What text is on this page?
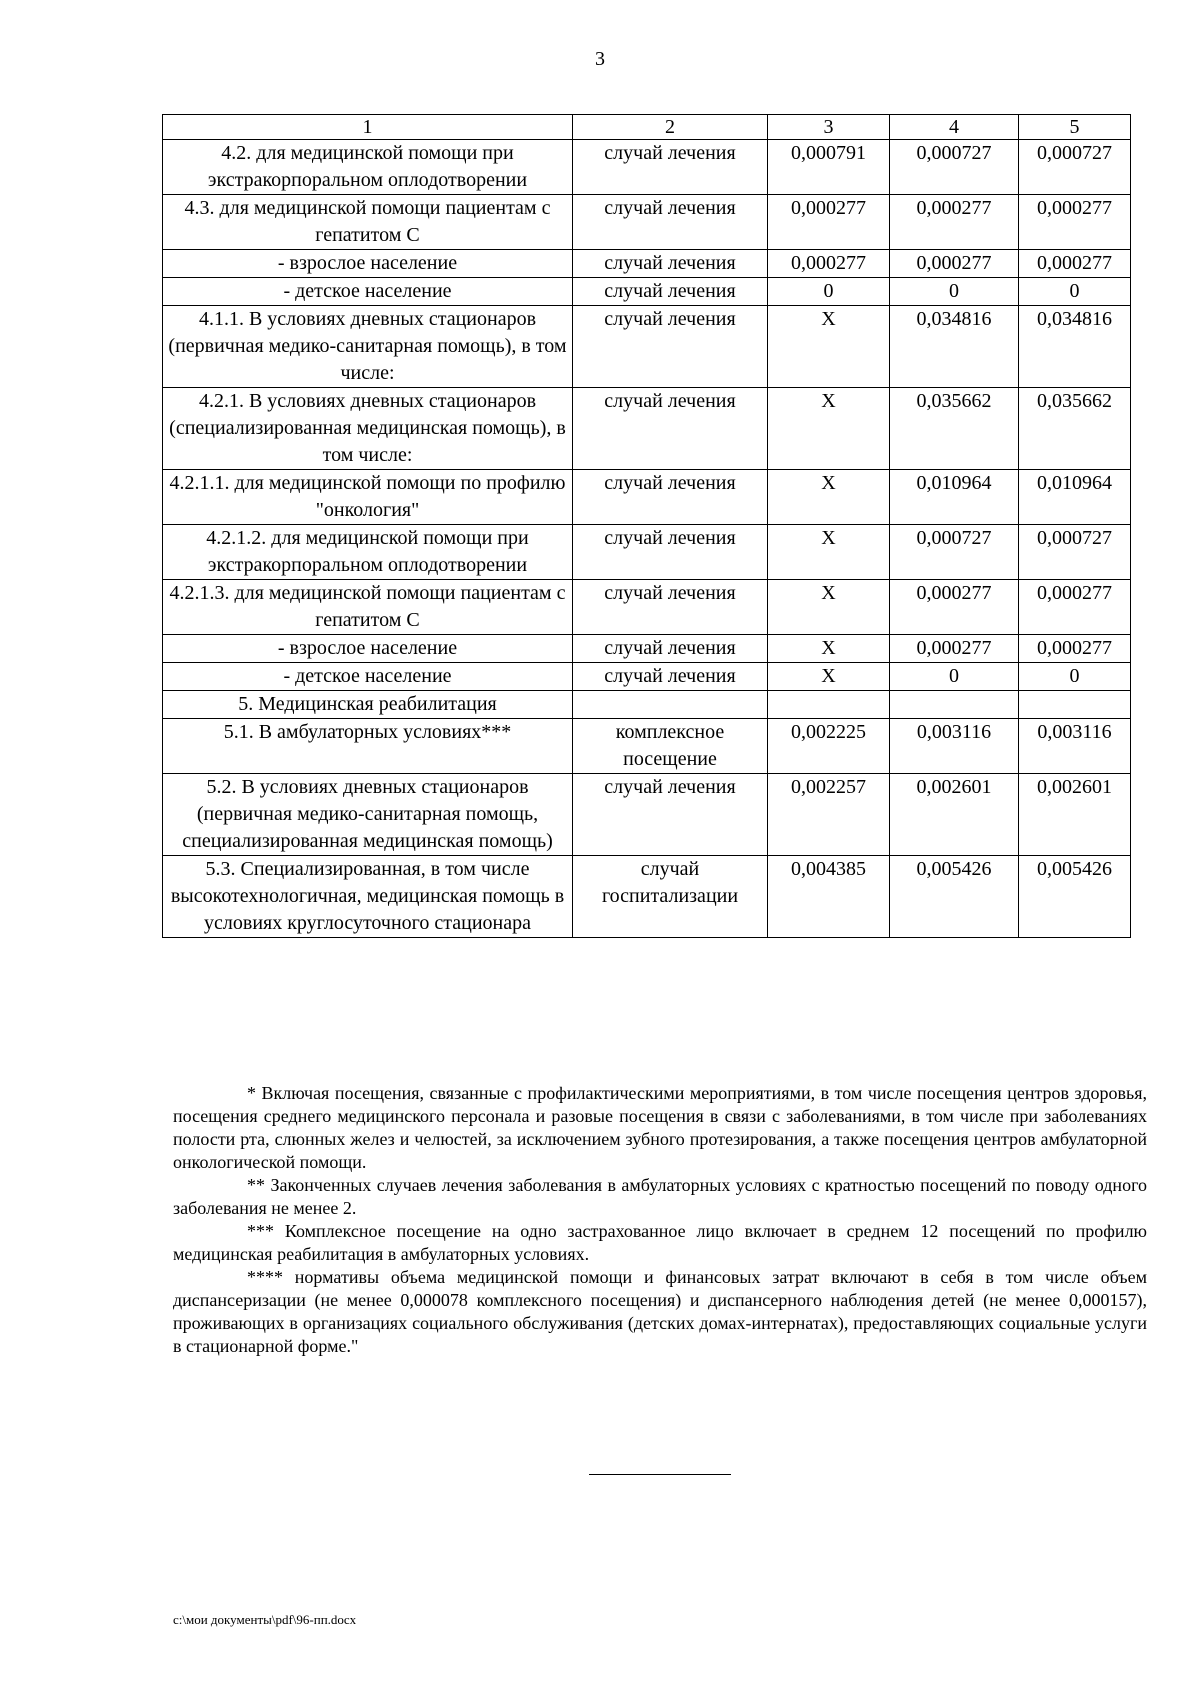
3
1	2	3	4	5
4.2. для медицинской помощи при экстракорпоральном оплодотворении	случай лечения	0,000791	0,000727	0,000727
4.3. для медицинской помощи пациентам с гепатитом С	случай лечения	0,000277	0,000277	0,000277
- взрослое население	случай лечения	0,000277	0,000277	0,000277
- детское население	случай лечения	0	0	0
4.1.1. В условиях дневных стационаров (первичная медико-санитарная помощь), в том числе:	случай лечения	X	0,034816	0,034816
4.2.1. В условиях дневных стационаров (специализированная медицинская помощь), в том числе:	случай лечения	X	0,035662	0,035662
4.2.1.1. для медицинской помощи по профилю "онкология"	случай лечения	X	0,010964	0,010964
4.2.1.2. для медицинской помощи при экстракорпоральном оплодотворении	случай лечения	X	0,000727	0,000727
4.2.1.3. для медицинской помощи пациентам с гепатитом С	случай лечения	X	0,000277	0,000277
- взрослое население	случай лечения	X	0,000277	0,000277
- детское население	случай лечения	X	0	0
5. Медицинская реабилитация				
5.1. В амбулаторных условиях***	комплексное посещение	0,002225	0,003116	0,003116
5.2. В условиях дневных стационаров (первичная медико-санитарная помощь, специализированная медицинская помощь)	случай лечения	0,002257	0,002601	0,002601
5.3. Специализированная, в том числе высокотехнологичная, медицинская помощь в условиях круглосуточного стационара	случай госпитализации	0,004385	0,005426	0,005426

* Включая посещения, связанные с профилактическими мероприятиями, в том числе посещения центров здоровья, посещения среднего медицинского персонала и разовые посещения в связи с заболеваниями, в том числе при заболеваниях полости рта, слюнных желез и челюстей, за исключением зубного протезирования, а также посещения центров амбулаторной онкологической помощи.

** Законченных случаев лечения заболевания в амбулаторных условиях с кратностью посещений по поводу одного заболевания не менее 2.

*** Комплексное посещение на одно застрахованное лицо включает в среднем 12 посещений по профилю медицинская реабилитация в амбулаторных условиях.

**** нормативы объема медицинской помощи и финансовых затрат включают в себя в том числе объем диспансеризации (не менее 0,000078 комплексного посещения) и диспансерного наблюдения детей (не менее 0,000157), проживающих в организациях социального обслуживания (детских домах-интернатах), предоставляющих социальные услуги в стационарной форме."

c:\мои документы\pdf\96-пп.docx
